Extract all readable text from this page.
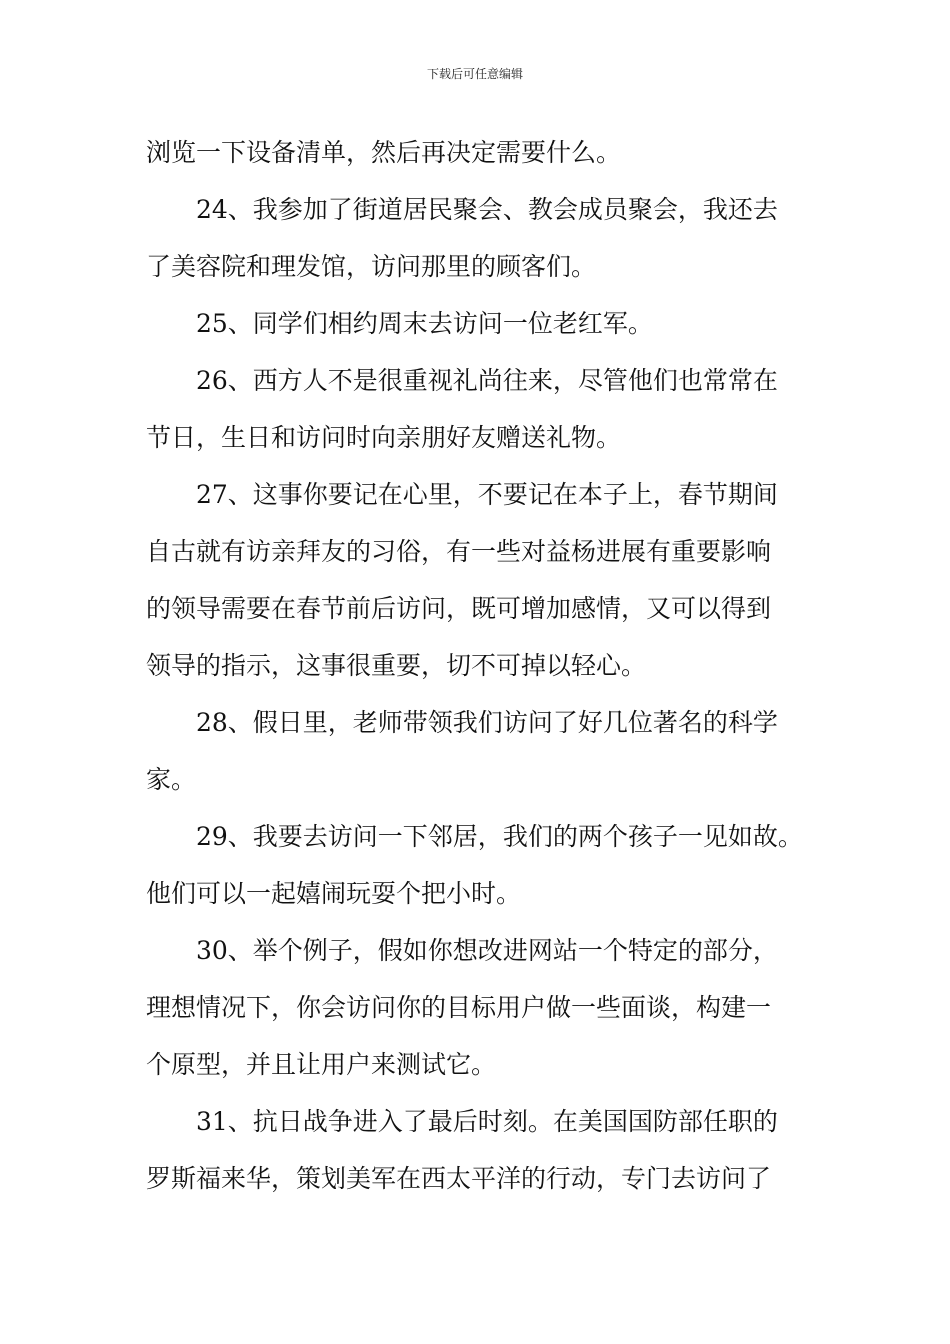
下载后可任意编辑
浏览一下设备清单，然后再决定需要什么。
24、我参加了街道居民聚会、教会成员聚会，我还去
了美容院和理发馆，访问那里的顾客们。
25、同学们相约周末去访问一位老红军。
26、西方人不是很重视礼尚往来，尽管他们也常常在
节日，生日和访问时向亲朋好友赠送礼物。
27、这事你要记在心里，不要记在本子上，春节期间
自古就有访亲拜友的习俗，有一些对益杨进展有重要影响
的领导需要在春节前后访问，既可增加感情，又可以得到
领导的指示，这事很重要，切不可掉以轻心。
28、假日里，老师带领我们访问了好几位著名的科学
家。
29、我要去访问一下邻居，我们的两个孩子一见如故。
他们可以一起嬉闹玩耍个把小时。
30、举个例子，假如你想改进网站一个特定的部分，
理想情况下，你会访问你的目标用户做一些面谈，构建一
个原型，并且让用户来测试它。
31、抗日战争进入了最后时刻。在美国国防部任职的
罗斯福来华，策划美军在西太平洋的行动，专门去访问了
